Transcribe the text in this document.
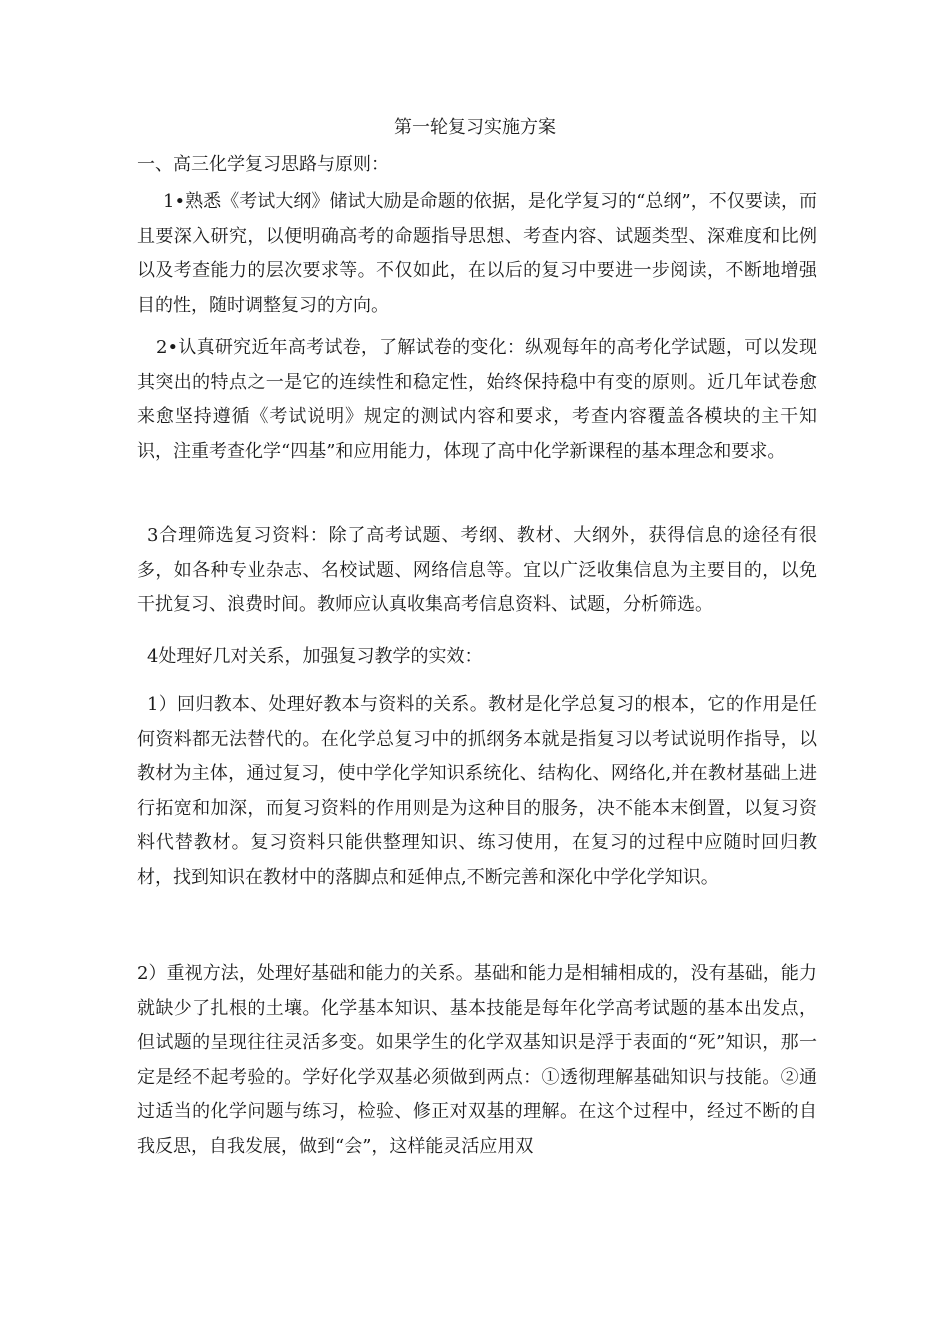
第一轮复习实施方案
一、高三化学复习思路与原则：
1•熟悉《考试大纲》储试大励是命题的依据，是化学复习的“总纲”，不仅要读，而且要深入研究，以便明确高考的命题指导思想、考查内容、试题类型、深难度和比例以及考查能力的层次要求等。不仅如此，在以后的复习中要进一步阅读，不断地增强目的性，随时调整复习的方向。
2•认真研究近年高考试卷，了解试卷的变化：纵观每年的高考化学试题，可以发现其突出的特点之一是它的连续性和稳定性，始终保持稳中有变的原则。近几年试卷愈来愈坚持遵循《考试说明》规定的测试内容和要求，考查内容覆盖各模块的主干知识，注重考查化学“四基”和应用能力，体现了高中化学新课程的基本理念和要求。
3合理筛选复习资料：除了高考试题、考纲、教材、大纲外，获得信息的途径有很多，如各种专业杂志、名校试题、网络信息等。宜以广泛收集信息为主要目的，以免干扰复习、浪费时间。教师应认真收集高考信息资料、试题，分析筛选。
4处理好几对关系，加强复习教学的实效：
1）回归教本、处理好教本与资料的关系。教材是化学总复习的根本，它的作用是任何资料都无法替代的。在化学总复习中的抓纲务本就是指复习以考试说明作指导，以教材为主体，通过复习，使中学化学知识系统化、结构化、网络化,并在教材基础上进行拓宽和加深，而复习资料的作用则是为这种目的服务，决不能本末倒置，以复习资料代替教材。复习资料只能供整理知识、练习使用，在复习的过程中应随时回归教材，找到知识在教材中的落脚点和延伸点,不断完善和深化中学化学知识。
2）重视方法，处理好基础和能力的关系。基础和能力是相辅相成的，没有基础，能力就缺少了扎根的土壤。化学基本知识、基本技能是每年化学高考试题的基本出发点，但试题的呈现往往灵活多变。如果学生的化学双基知识是浮于表面的“死”知识，那一定是经不起考验的。学好化学双基必须做到两点：①透彻理解基础知识与技能。②通过适当的化学问题与练习，检验、修正对双基的理解。在这个过程中，经过不断的自我反思，自我发展，做到“会”，这样能灵活应用双
